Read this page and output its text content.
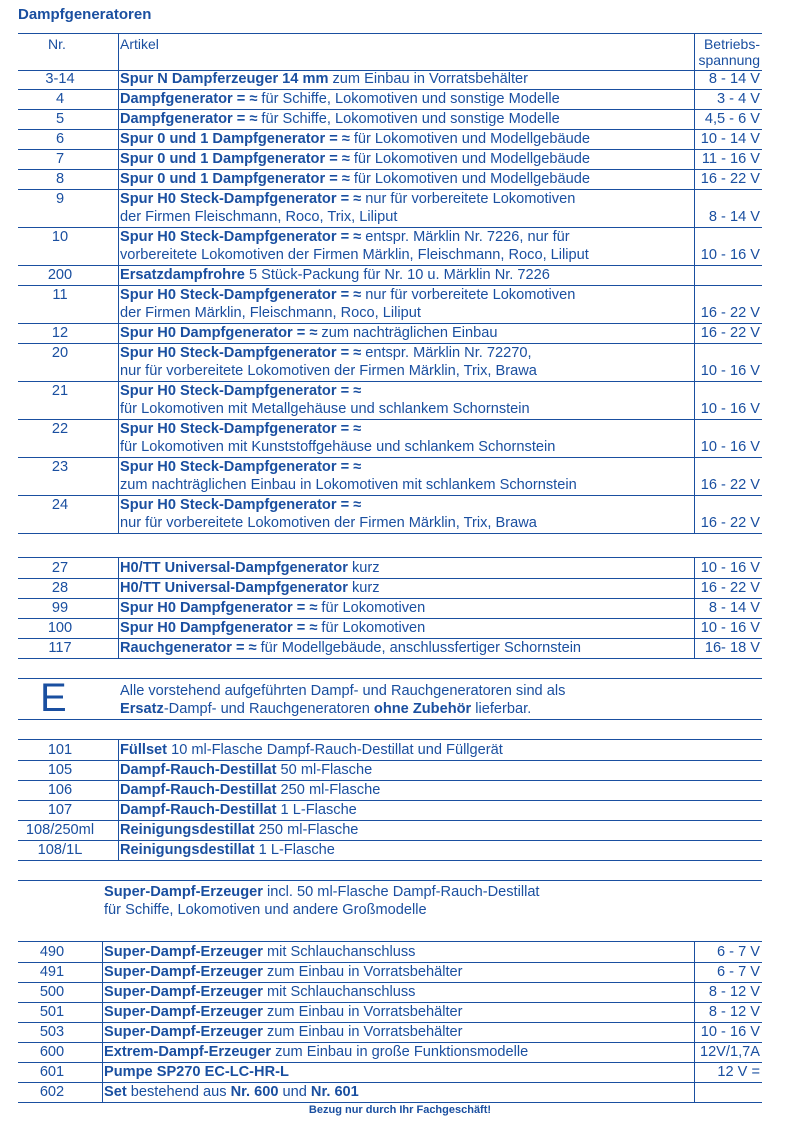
Dampfgeneratoren
Nr.	Artikel	Betriebs-
spannung
3-14	Spur N Dampferzeuger 14 mm zum Einbau in Vorratsbehälter	8 - 14 V
4	Dampfgenerator = ≈ für Schiffe, Lokomotiven und sonstige Modelle	3 - 4 V
5	Dampfgenerator = ≈ für Schiffe, Lokomotiven und sonstige Modelle	4,5 - 6 V
6	Spur 0 und 1 Dampfgenerator = ≈ für Lokomotiven und Modellgebäude	10 - 14 V
7	Spur 0 und 1 Dampfgenerator = ≈ für Lokomotiven und Modellgebäude	11 - 16 V
8	Spur 0 und 1 Dampfgenerator = ≈ für Lokomotiven und Modellgebäude	16 - 22 V
9	Spur H0 Steck-Dampfgenerator = ≈ nur für vorbereitete Lokomotiven
der Firmen Fleischmann, Roco, Trix, Liliput	8 - 14 V
10	Spur H0 Steck-Dampfgenerator = ≈ entspr. Märklin Nr. 7226, nur für
vorbereitete Lokomotiven der Firmen Märklin, Fleischmann, Roco, Liliput	10 - 16 V
200	Ersatzdampfrohre 5 Stück-Packung für Nr. 10 u. Märklin Nr. 7226
11	Spur H0 Steck-Dampfgenerator = ≈ nur für vorbereitete Lokomotiven
der Firmen Märklin, Fleischmann, Roco, Liliput	16 - 22 V
12	Spur H0 Dampfgenerator = ≈ zum nachträglichen Einbau	16 - 22 V
20	Spur H0 Steck-Dampfgenerator = ≈ entspr. Märklin Nr. 72270,
nur für vorbereitete Lokomotiven der Firmen Märklin, Trix, Brawa	10 - 16 V
21	Spur H0 Steck-Dampfgenerator = ≈
für Lokomotiven mit Metallgehäuse und schlankem Schornstein	10 - 16 V
22	Spur H0 Steck-Dampfgenerator = ≈
für Lokomotiven mit Kunststoffgehäuse und schlankem Schornstein	10 - 16 V
23	Spur H0 Steck-Dampfgenerator = ≈
zum nachträglichen Einbau in Lokomotiven mit schlankem Schornstein	16 - 22 V
24	Spur H0 Steck-Dampfgenerator = ≈
nur für vorbereitete Lokomotiven der Firmen Märklin, Trix, Brawa	16 - 22 V
27	H0/TT Universal-Dampfgenerator kurz	10 - 16 V
28	H0/TT Universal-Dampfgenerator kurz	16 - 22 V
99	Spur H0 Dampfgenerator = ≈ für Lokomotiven	8 - 14 V
100	Spur H0 Dampfgenerator = ≈ für Lokomotiven	10 - 16 V
117	Rauchgenerator = ≈ für Modellgebäude, anschlussfertiger Schornstein	16- 18 V
E	Alle vorstehend aufgeführten Dampf- und Rauchgeneratoren sind als
Ersatz-Dampf- und Rauchgeneratoren ohne Zubehör lieferbar.
101	Füllset 10 ml-Flasche Dampf-Rauch-Destillat und Füllgerät
105	Dampf-Rauch-Destillat 50 ml-Flasche
106	Dampf-Rauch-Destillat 250 ml-Flasche
107	Dampf-Rauch-Destillat 1 L-Flasche
108/250ml	Reinigungsdestillat 250 ml-Flasche
108/1L	Reinigungsdestillat 1 L-Flasche
Super-Dampf-Erzeuger incl. 50 ml-Flasche Dampf-Rauch-Destillat
für Schiffe, Lokomotiven und andere Großmodelle
490	Super-Dampf-Erzeuger mit Schlauchanschluss	6 - 7 V
491	Super-Dampf-Erzeuger zum Einbau in Vorratsbehälter	6 - 7 V
500	Super-Dampf-Erzeuger mit Schlauchanschluss	8 - 12 V
501	Super-Dampf-Erzeuger zum Einbau in Vorratsbehälter	8 - 12 V
503	Super-Dampf-Erzeuger zum Einbau in Vorratsbehälter	10 - 16 V
600	Extrem-Dampf-Erzeuger zum Einbau in große Funktionsmodelle	12V/1,7A
601	Pumpe SP270 EC-LC-HR-L	12 V =
602	Set bestehend aus Nr. 600 und Nr. 601
Bezug nur durch Ihr Fachgeschäft!
